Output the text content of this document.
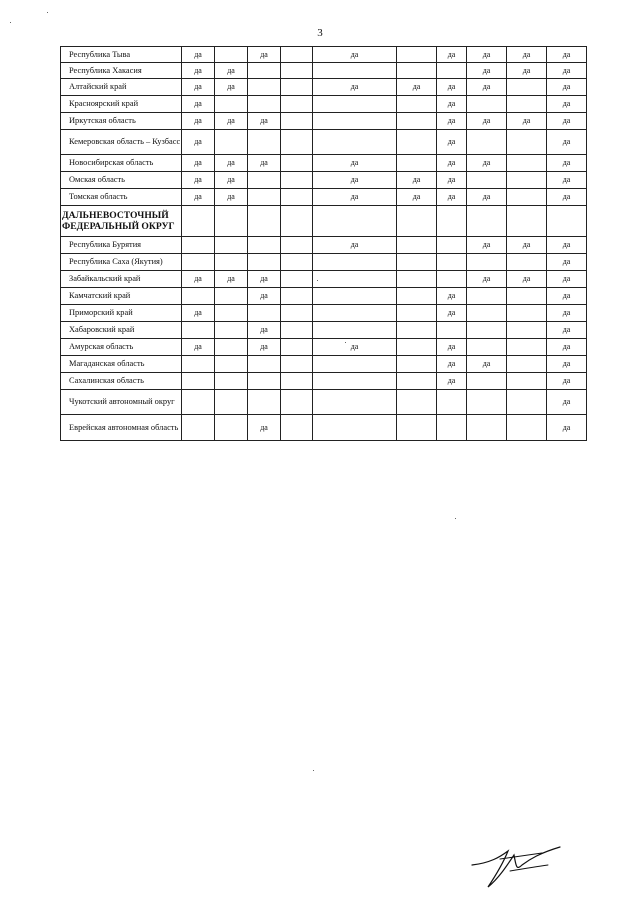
3
Республика Тыва	да		да		да		да	да	да	да
Республика Хакасия	да	да						да	да	да
Алтайский край	да	да			да	да	да	да		да
Красноярский край	да						да			да
Иркутская область	да	да	да				да	да	да	да
Кемеровская область – Кузбасс	да						да			да
Новосибирская область	да	да	да		да		да	да		да
Омская область	да	да			да	да	да			да
Томская область	да	да			да	да	да	да		да
ДАЛЬНЕВОСТОЧНЫЙ ФЕДЕРАЛЬНЫЙ ОКРУГ										
Республика Бурятия					да			да	да	да
Республика Саха (Якутия)										да
Забайкальский край	да	да	да					да	да	да
Камчатский край			да				да			да
Приморский край	да						да			да
Хабаровский край			да							да
Амурская область	да		да		да		да			да
Магаданская область							да	да		да
Сахалинская область							да			да
Чукотский автономный округ										да
Еврейская автономная область			да							да
